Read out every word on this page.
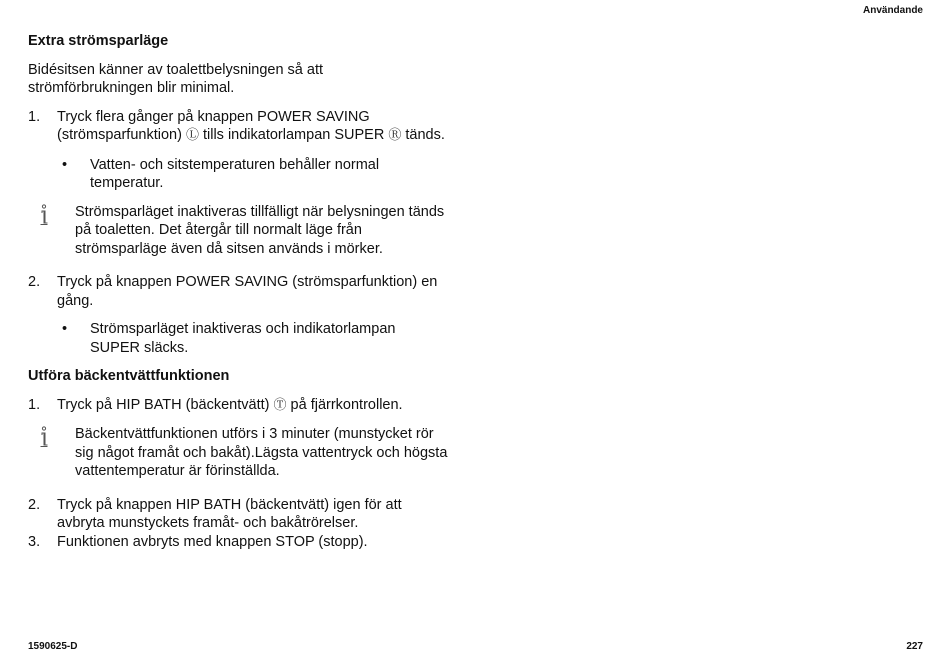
Användande
Extra strömsparläge

Bidésitsen känner av toalettbelysningen så att strömförbrukningen blir minimal.

1.	Tryck flera gånger på knappen POWER SAVING (strömsparfunktion) Ⓛ tills indikatorlampan SUPER Ⓡ tänds.
•	Vatten- och sitstemperaturen behåller normal temperatur.
Strömsparläget inaktiveras tillfälligt när belysningen tänds på toaletten. Det återgår till normalt läge från strömsparläge även då sitsen används i mörker.
2.	Tryck på knappen POWER SAVING (strömsparfunktion) en gång.
•	Strömsparläget inaktiveras och indikatorlampan SUPER släcks.
Utföra bäckentvättfunktionen
1.	Tryck på HIP BATH (bäckentvätt) Ⓣ på fjärrkontrollen.
Bäckentvättfunktionen utförs i 3 minuter (munstycket rör sig något framåt och bakåt).Lägsta vattentryck och högsta vattentemperatur är förinställda.
2.	Tryck på knappen HIP BATH (bäckentvätt) igen för att avbryta munstyckets framåt- och bakåtrörelser.
3.	Funktionen avbryts med knappen STOP (stopp).
1590625-D	227
